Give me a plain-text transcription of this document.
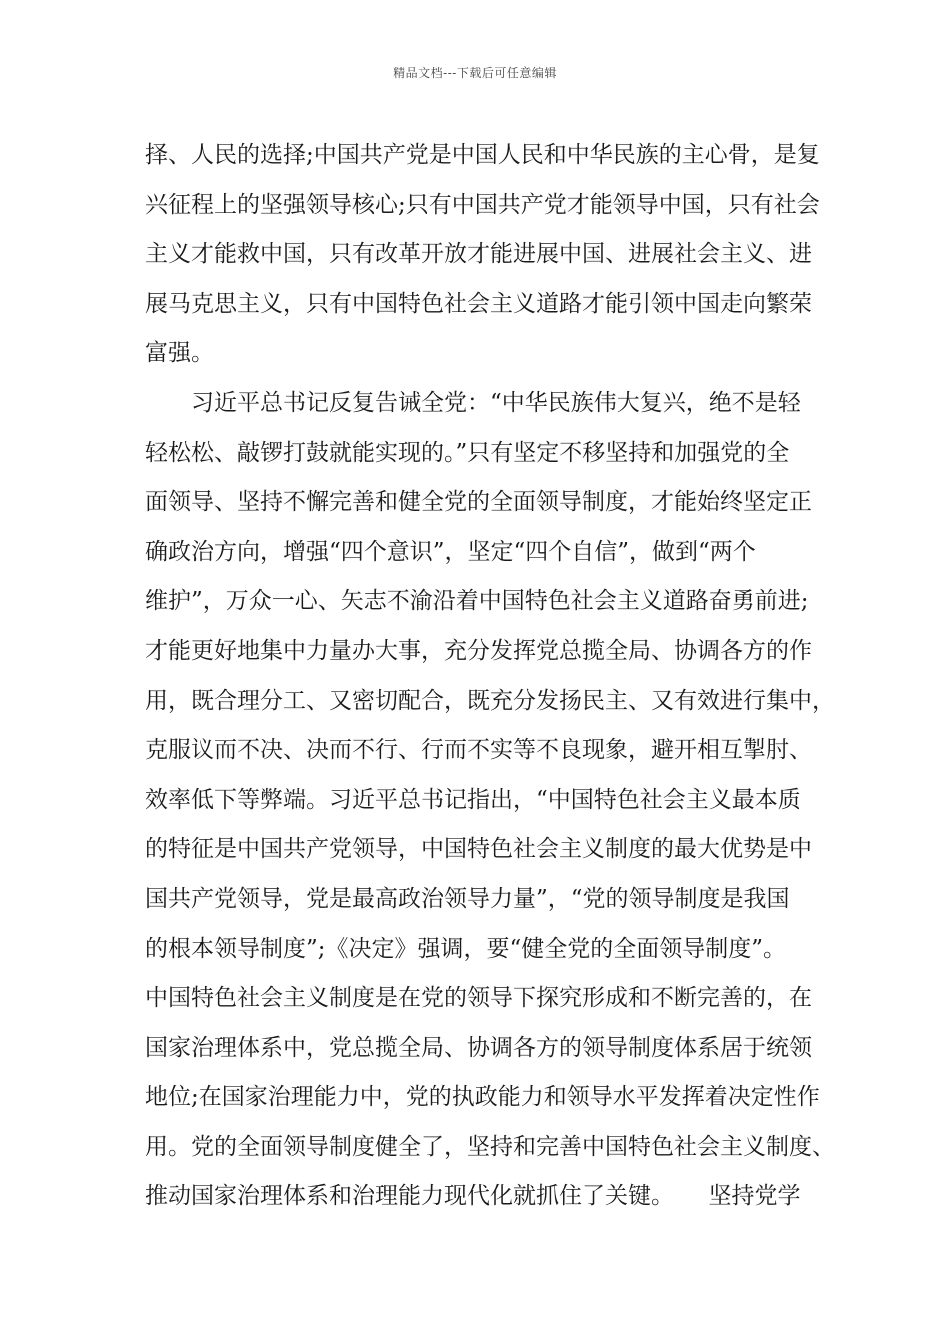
精品文档---下载后可任意编辑
择、人民的选择;中国共产党是中国人民和中华民族的主心骨，是复
兴征程上的坚强领导核心;只有中国共产党才能领导中国，只有社会
主义才能救中国，只有改革开放才能进展中国、进展社会主义、进
展马克思主义，只有中国特色社会主义道路才能引领中国走向繁荣
富强。
习近平总书记反复告诫全党：“中华民族伟大复兴，绝不是轻
轻松松、敲锣打鼓就能实现的。”只有坚定不移坚持和加强党的全
面领导、坚持不懈完善和健全党的全面领导制度，才能始终坚定正
确政治方向，增强“四个意识”，坚定“四个自信”，做到“两个
维护”，万众一心、矢志不渝沿着中国特色社会主义道路奋勇前进;
才能更好地集中力量办大事，充分发挥党总揽全局、协调各方的作
用，既合理分工、又密切配合，既充分发扬民主、又有效进行集中，
克服议而不决、决而不行、行而不实等不良现象，避开相互掣肘、
效率低下等弊端。习近平总书记指出，“中国特色社会主义最本质
的特征是中国共产党领导，中国特色社会主义制度的最大优势是中
国共产党领导，党是最高政治领导力量”，“党的领导制度是我国
的根本领导制度”;《决定》强调，要“健全党的全面领导制度”。
中国特色社会主义制度是在党的领导下探究形成和不断完善的，在
国家治理体系中，党总揽全局、协调各方的领导制度体系居于统领
地位;在国家治理能力中，党的执政能力和领导水平发挥着决定性作
用。党的全面领导制度健全了，坚持和完善中国特色社会主义制度、
推动国家治理体系和治理能力现代化就抓住了关键。　　坚持党学
